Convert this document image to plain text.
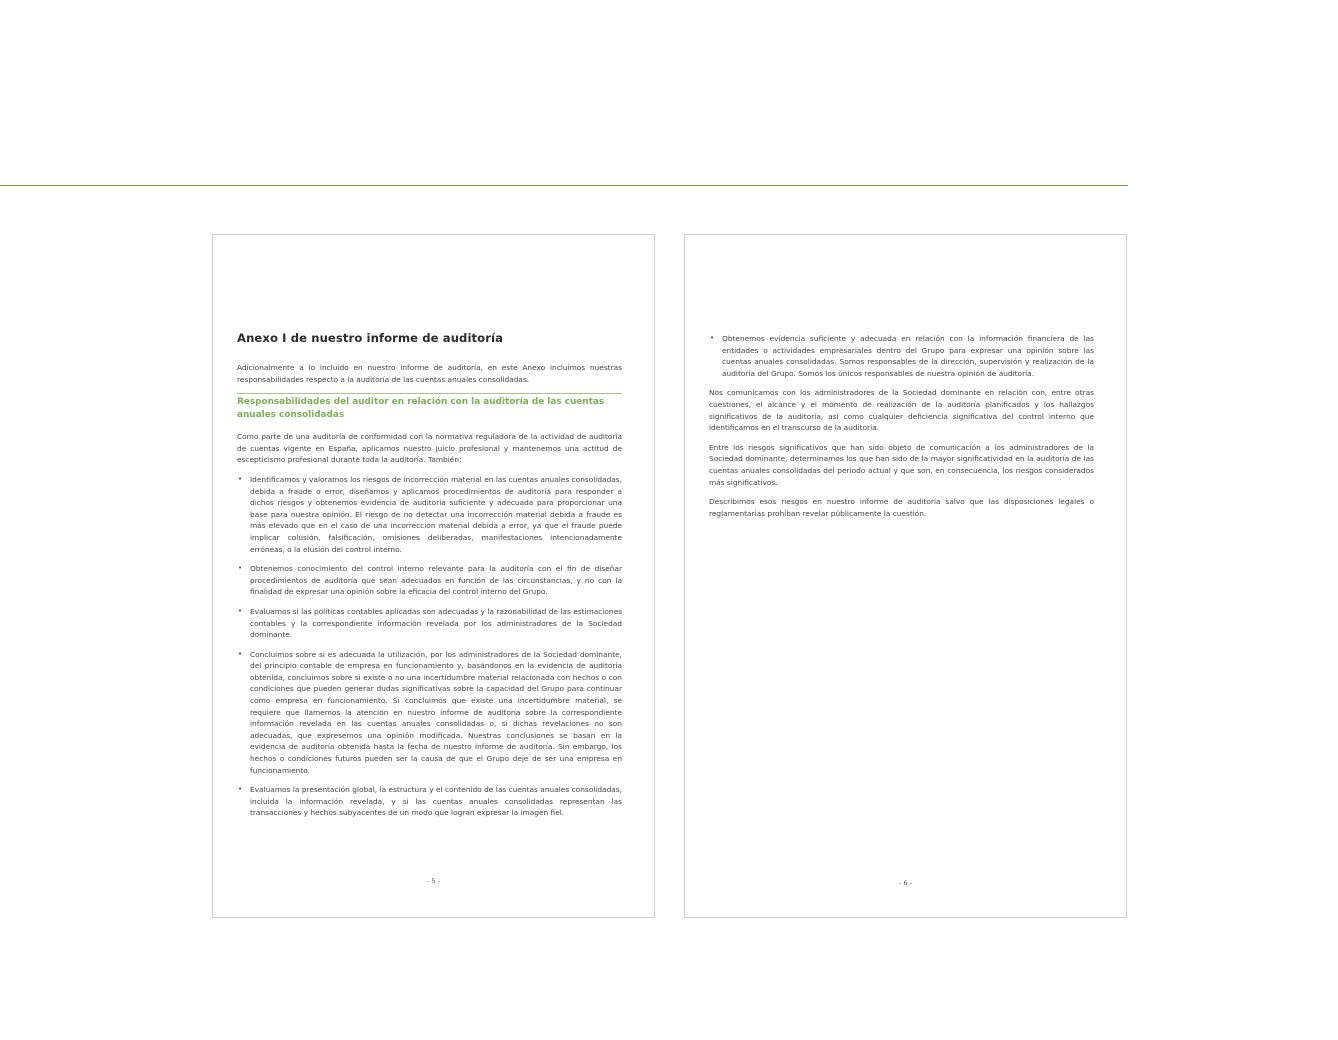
Anexo I de nuestro informe de auditoría

Adicionalmente a lo incluido en nuestro informe de auditoría, en este Anexo incluimos nuestras responsabilidades respecto a la auditoría de las cuentas anuales consolidadas.

Responsabilidades del auditor en relación con la auditoría de las cuentas anuales consolidadas

Como parte de una auditoría de conformidad con la normativa reguladora de la actividad de auditoría de cuentas vigente en España, aplicamos nuestro juicio profesional y mantenemos una actitud de escepticismo profesional durante toda la auditoría. También:

• Identificamos y valoramos los riesgos de incorrección material en las cuentas anuales consolidadas, debida a fraude o error, diseñamos y aplicamos procedimientos de auditoría para responder a dichos riesgos y obtenemos evidencia de auditoría suficiente y adecuada para proporcionar una base para nuestra opinión. El riesgo de no detectar una incorrección material debida a fraude es más elevado que en el caso de una incorrección material debida a error, ya que el fraude puede implicar colusión, falsificación, omisiones deliberadas, manifestaciones intencionadamente erróneas, o la elusión del control interno.
• Obtenemos conocimiento del control interno relevante para la auditoría con el fin de diseñar procedimientos de auditoría que sean adecuados en función de las circunstancias, y no con la finalidad de expresar una opinión sobre la eficacia del control interno del Grupo.
• Evaluamos si las políticas contables aplicadas son adecuadas y la razonabilidad de las estimaciones contables y la correspondiente información revelada por los administradores de la Sociedad dominante.
• Concluimos sobre si es adecuada la utilización, por los administradores de la Sociedad dominante, del principio contable de empresa en funcionamiento y, basándonos en la evidencia de auditoría obtenida, concluimos sobre si existe o no una incertidumbre material relacionada con hechos o con condiciones que pueden generar dudas significativas sobre la capacidad del Grupo para continuar como empresa en funcionamiento. Si concluimos que existe una incertidumbre material, se requiere que llamemos la atención en nuestro informe de auditoría sobre la correspondiente información revelada en las cuentas anuales consolidadas o, si dichas revelaciones no son adecuadas, que expresemos una opinión modificada. Nuestras conclusiones se basan en la evidencia de auditoría obtenida hasta la fecha de nuestro informe de auditoría. Sin embargo, los hechos o condiciones futuros pueden ser la causa de que el Grupo deje de ser una empresa en funcionamiento.
• Evaluamos la presentación global, la estructura y el contenido de las cuentas anuales consolidadas, incluida la información revelada, y si las cuentas anuales consolidadas representan las transacciones y hechos subyacentes de un modo que logran expresar la imagen fiel.
- 5 -
• Obtenemos evidencia suficiente y adecuada en relación con la información financiera de las entidades o actividades empresariales dentro del Grupo para expresar una opinión sobre las cuentas anuales consolidadas. Somos responsables de la dirección, supervisión y realización de la auditoría del Grupo. Somos los únicos responsables de nuestra opinión de auditoría.

Nos comunicamos con los administradores de la Sociedad dominante en relación con, entre otras cuestiones, el alcance y el momento de realización de la auditoría planificados y los hallazgos significativos de la auditoría, así como cualquier deficiencia significativa del control interno que identificamos en el transcurso de la auditoría.

Entre los riesgos significativos que han sido objeto de comunicación a los administradores de la Sociedad dominante, determinamos los que han sido de la mayor significatividad en la auditoría de las cuentas anuales consolidadas del periodo actual y que son, en consecuencia, los riesgos considerados más significativos.

Describimos esos riesgos en nuestro informe de auditoría salvo que las disposiciones legales o reglamentarias prohíban revelar públicamente la cuestión.

- 6 -
